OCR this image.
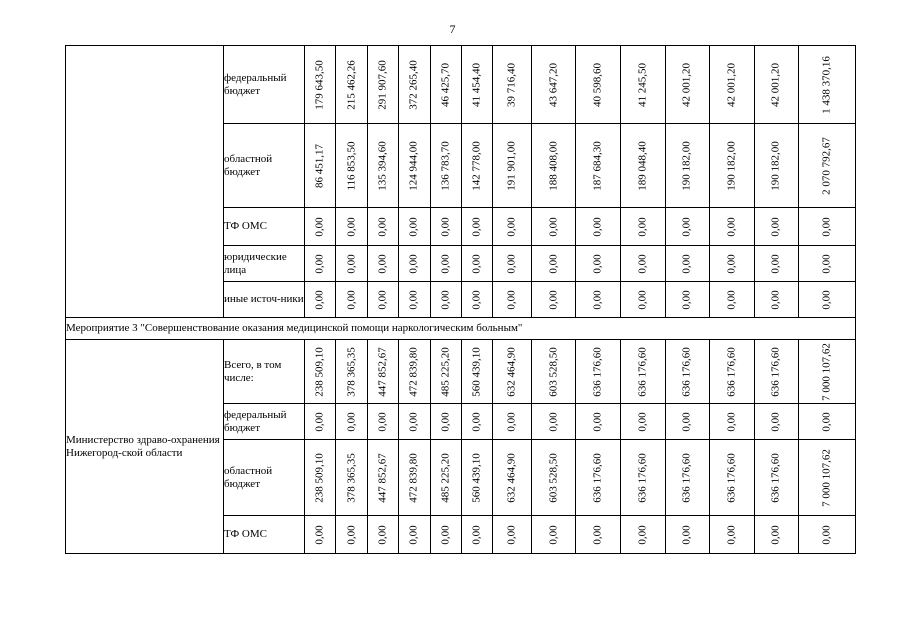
7
	федеральный бюджет	179 643,50	215 462,26	291 907,60	372 265,40	46 425,70	41 454,40	39 716,40	43 647,20	40 598,60	41 245,50	42 001,20	42 001,20	42 001,20	1 438 370,16

	областной бюджет	86 451,17	116 853,50	135 394,60	124 944,00	136 783,70	142 778,00	191 901,00	188 408,00	187 684,30	189 048,40	190 182,00	190 182,00	190 182,00	2 070 792,67

	ТФ ОМС	0,00	0,00	0,00	0,00	0,00	0,00	0,00	0,00	0,00	0,00	0,00	0,00	0,00	0,00

	юридические лица	0,00	0,00	0,00	0,00	0,00	0,00	0,00	0,00	0,00	0,00	0,00	0,00	0,00	0,00

	иные источ-ники	0,00	0,00	0,00	0,00	0,00	0,00	0,00	0,00	0,00	0,00	0,00	0,00	0,00	0,00

Мероприятие 3 "Совершенствование оказания медицинской помощи наркологическим больным"															
Министерство здраво-охранения Нижегород-ской области	Всего, в том числе:	238 509,10	378 365,35	447 852,67	472 839,80	485 225,20	560 439,10	632 464,90	603 528,50	636 176,60	636 176,60	636 176,60	636 176,60	636 176,60	7 000 107,62

	федеральный бюджет	0,00	0,00	0,00	0,00	0,00	0,00	0,00	0,00	0,00	0,00	0,00	0,00	0,00	0,00

	областной бюджет	238 509,10	378 365,35	447 852,67	472 839,80	485 225,20	560 439,10	632 464,90	603 528,50	636 176,60	636 176,60	636 176,60	636 176,60	636 176,60	7 000 107,62

	ТФ ОМС	0,00	0,00	0,00	0,00	0,00	0,00	0,00	0,00	0,00	0,00	0,00	0,00	0,00	0,00
